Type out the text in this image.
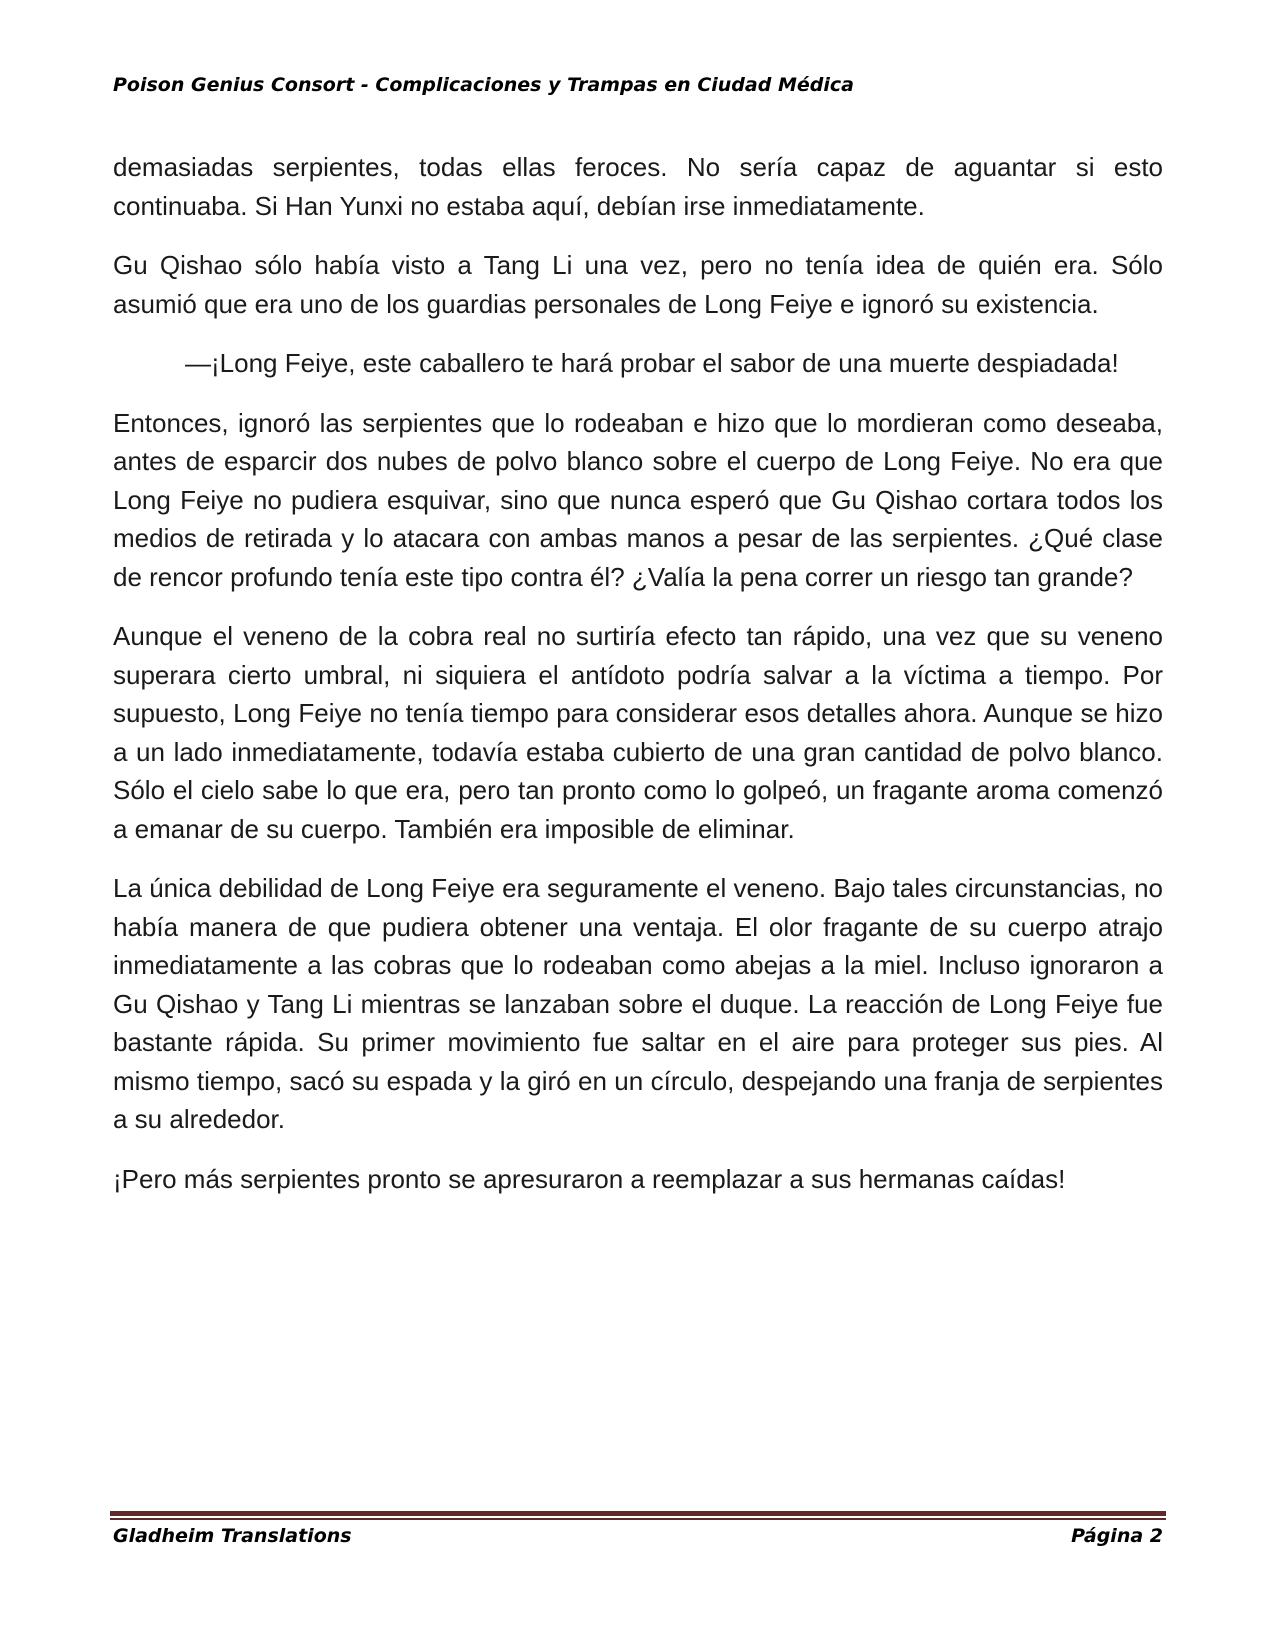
Poison Genius Consort - Complicaciones y Trampas en Ciudad Médica

demasiadas serpientes, todas ellas feroces. No sería capaz de aguantar si esto continuaba. Si Han Yunxi no estaba aquí, debían irse inmediatamente.

Gu Qishao sólo había visto a Tang Li una vez, pero no tenía idea de quién era. Sólo asumió que era uno de los guardias personales de Long Feiye e ignoró su existencia.

—¡Long Feiye, este caballero te hará probar el sabor de una muerte despiadada!

Entonces, ignoró las serpientes que lo rodeaban e hizo que lo mordieran como deseaba, antes de esparcir dos nubes de polvo blanco sobre el cuerpo de Long Feiye. No era que Long Feiye no pudiera esquivar, sino que nunca esperó que Gu Qishao cortara todos los medios de retirada y lo atacara con ambas manos a pesar de las serpientes. ¿Qué clase de rencor profundo tenía este tipo contra él? ¿Valía la pena correr un riesgo tan grande?

Aunque el veneno de la cobra real no surtiría efecto tan rápido, una vez que su veneno superara cierto umbral, ni siquiera el antídoto podría salvar a la víctima a tiempo. Por supuesto, Long Feiye no tenía tiempo para considerar esos detalles ahora. Aunque se hizo a un lado inmediatamente, todavía estaba cubierto de una gran cantidad de polvo blanco. Sólo el cielo sabe lo que era, pero tan pronto como lo golpeó, un fragante aroma comenzó a emanar de su cuerpo. También era imposible de eliminar.

La única debilidad de Long Feiye era seguramente el veneno. Bajo tales circunstancias, no había manera de que pudiera obtener una ventaja. El olor fragante de su cuerpo atrajo inmediatamente a las cobras que lo rodeaban como abejas a la miel. Incluso ignoraron a Gu Qishao y Tang Li mientras se lanzaban sobre el duque. La reacción de Long Feiye fue bastante rápida. Su primer movimiento fue saltar en el aire para proteger sus pies. Al mismo tiempo, sacó su espada y la giró en un círculo, despejando una franja de serpientes a su alrededor.

¡Pero más serpientes pronto se apresuraron a reemplazar a sus hermanas caídas!

Gladheim Translations	Página 2
